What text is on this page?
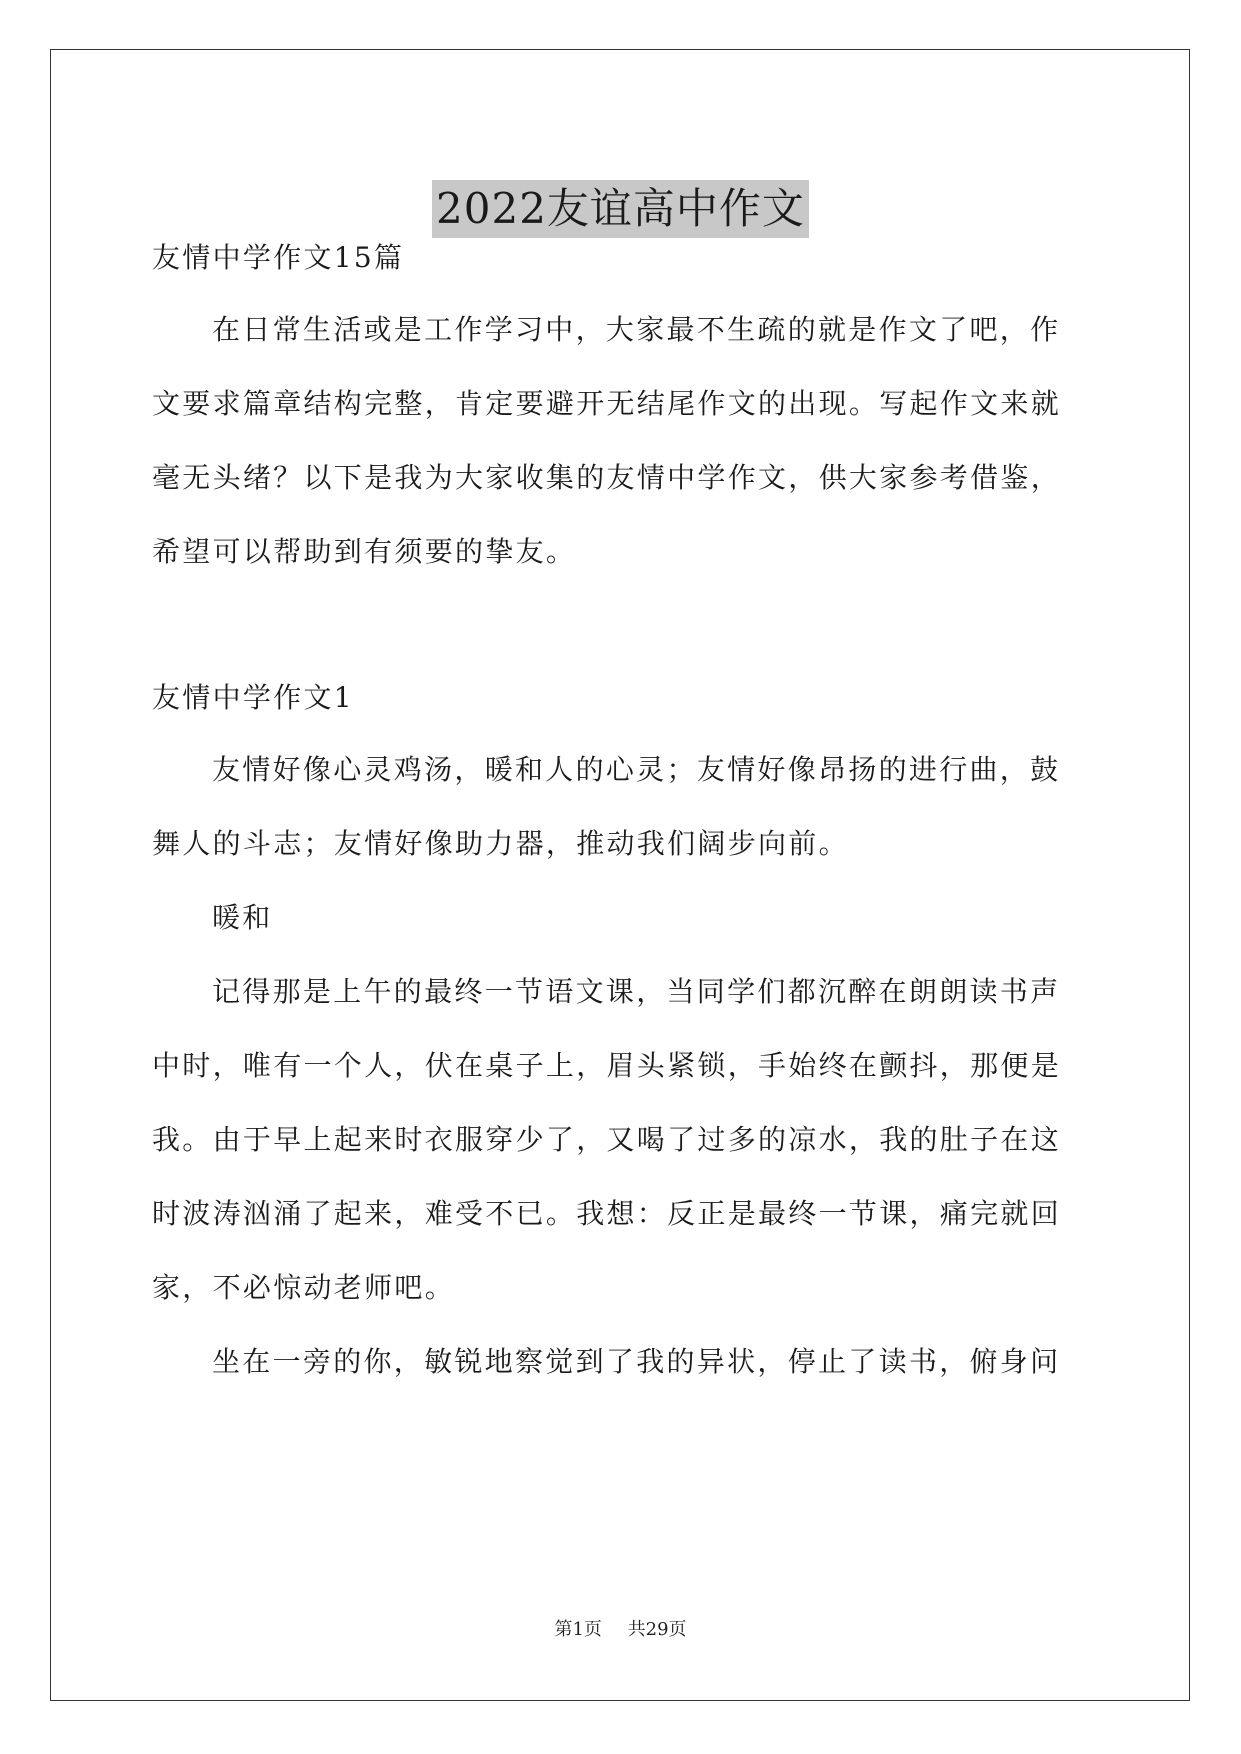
2022友谊高中作文
友情中学作文15篇
在日常生活或是工作学习中，大家最不生疏的就是作文了吧，作
文要求篇章结构完整，肯定要避开无结尾作文的出现。写起作文来就
毫无头绪？以下是我为大家收集的友情中学作文，供大家参考借鉴，
希望可以帮助到有须要的挚友。
友情中学作文1
友情好像心灵鸡汤，暖和人的心灵；友情好像昂扬的进行曲，鼓
舞人的斗志；友情好像助力器，推动我们阔步向前。
暖和
记得那是上午的最终一节语文课，当同学们都沉醉在朗朗读书声
中时，唯有一个人，伏在桌子上，眉头紧锁，手始终在颤抖，那便是
我。由于早上起来时衣服穿少了，又喝了过多的凉水，我的肚子在这
时波涛汹涌了起来，难受不已。我想：反正是最终一节课，痛完就回
家，不必惊动老师吧。
坐在一旁的你，敏锐地察觉到了我的异状，停止了读书，俯身问
第1页 共29页
